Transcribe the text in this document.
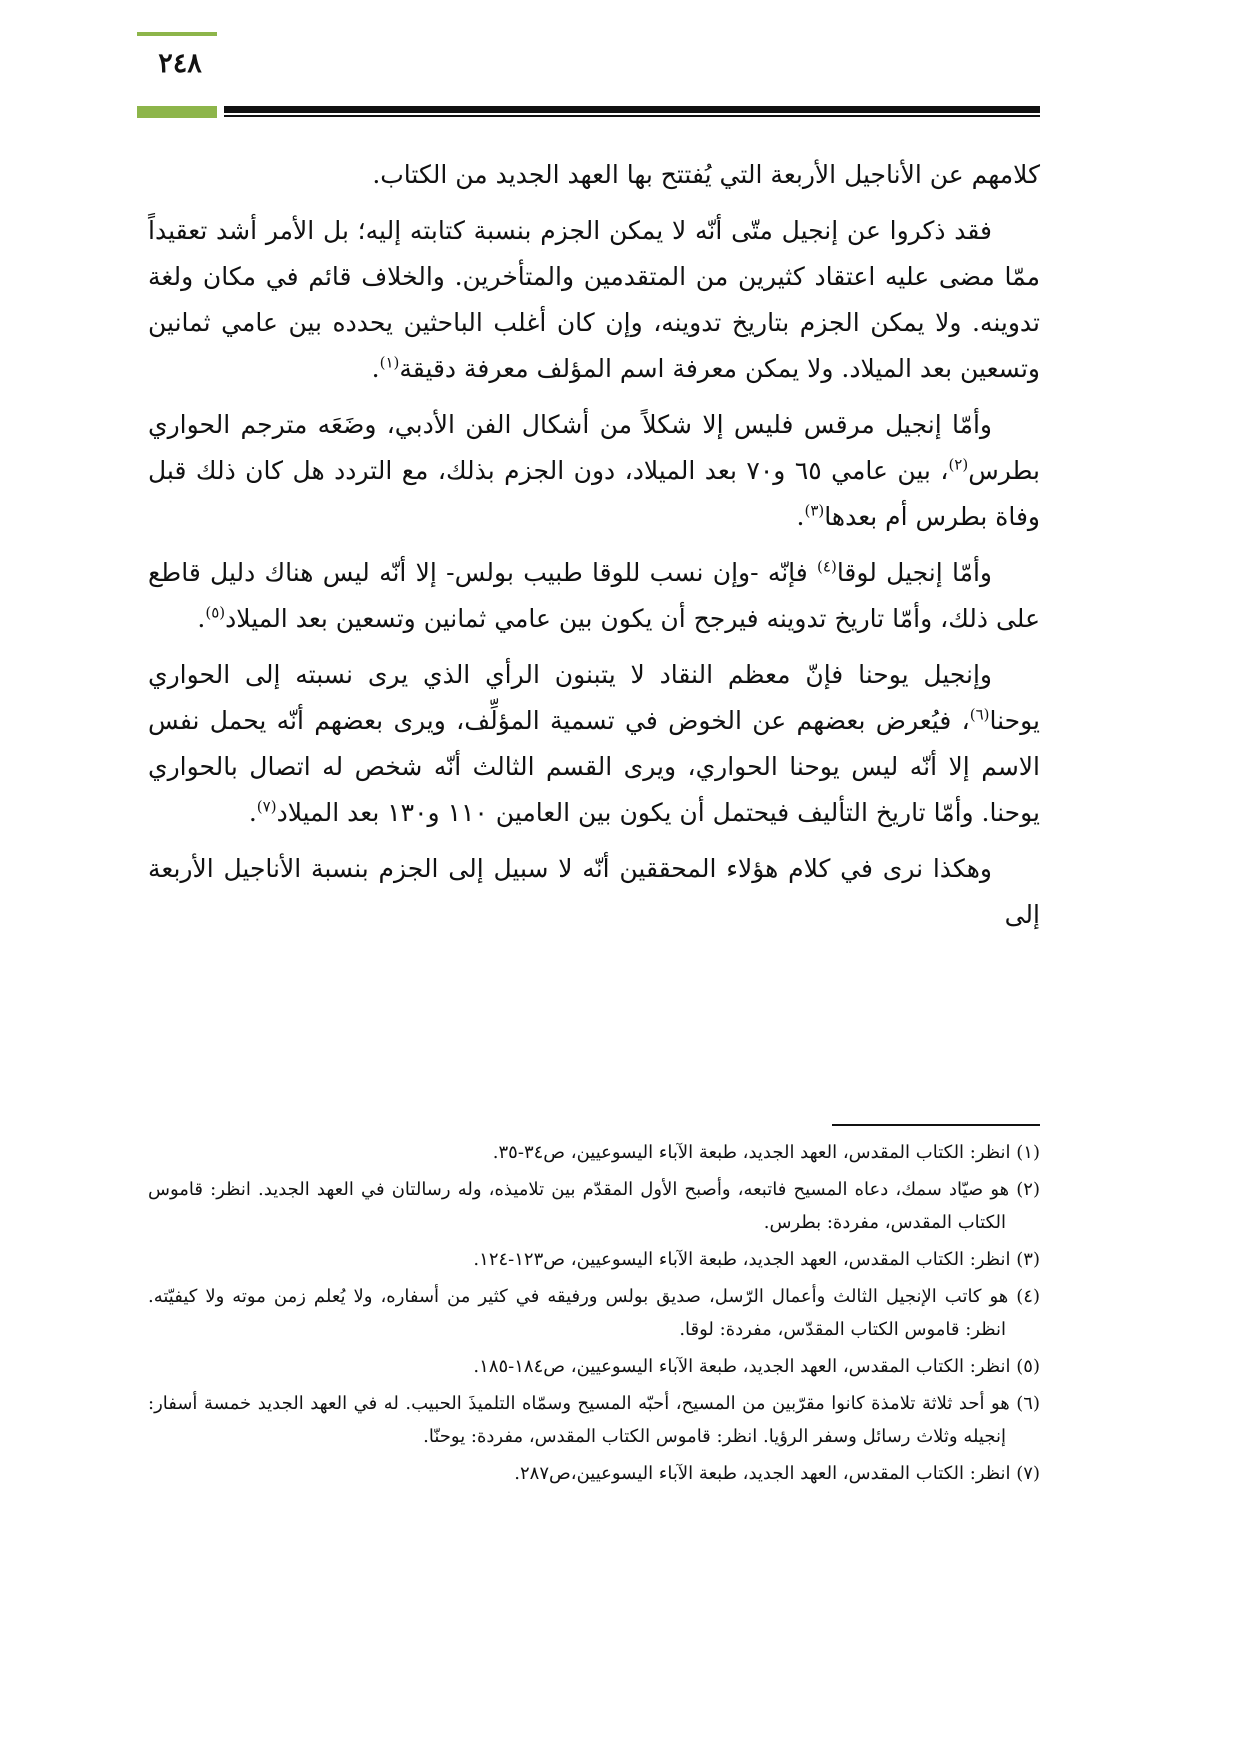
٢٤٨

كلامهم عن الأناجيل الأربعة التي يُفتتح بها العهد الجديد من الكتاب.

فقد ذكروا عن إنجيل متّى أنّه لا يمكن الجزم بنسبة كتابته إليه؛ بل الأمر أشد تعقيداً ممّا مضى عليه اعتقاد كثيرين من المتقدمين والمتأخرين. والخلاف قائم في مكان ولغة تدوينه. ولا يمكن الجزم بتاريخ تدوينه، وإن كان أغلب الباحثين يحدده بين عامي ثمانين وتسعين بعد الميلاد. ولا يمكن معرفة اسم المؤلف معرفة دقيقة$^{(١)}$.

وأمّا إنجيل مرقس فليس إلا شكلاً من أشكال الفن الأدبي، وضَعَه مترجم الحواري بطرس$^{(٢)}$، بين عامي ٦٥ و٧٠ بعد الميلاد، دون الجزم بذلك، مع التردد هل كان ذلك قبل وفاة بطرس أم بعدها$^{(٣)}$.

وأمّا إنجيل لوقا$^{(٤)}$ فإنّه -وإن نسب للوقا طبيب بولس- إلا أنّه ليس هناك دليل قاطع على ذلك، وأمّا تاريخ تدوينه فيرجح أن يكون بين عامي ثمانين وتسعين بعد الميلاد$^{(٥)}$.

وإنجيل يوحنا فإنّ معظم النقاد لا يتبنون الرأي الذي يرى نسبته إلى الحواري يوحنا$^{(٦)}$، فيُعرض بعضهم عن الخوض في تسمية المؤلِّف، ويرى بعضهم أنّه يحمل نفس الاسم إلا أنّه ليس يوحنا الحواري، ويرى القسم الثالث أنّه شخص له اتصال بالحواري يوحنا. وأمّا تاريخ التأليف فيحتمل أن يكون بين العامين ١١٠ و١٣٠ بعد الميلاد$^{(٧)}$.

وهكذا نرى في كلام هؤلاء المحققين أنّه لا سبيل إلى الجزم بنسبة الأناجيل الأربعة إلى

(١) انظر: الكتاب المقدس، العهد الجديد، طبعة الآباء اليسوعيين، ص٣٤-٣٥.
(٢) هو صيّاد سمك، دعاه المسيح فاتبعه، وأصبح الأول المقدّم بين تلاميذه، وله رسالتان في العهد الجديد. انظر: قاموس الكتاب المقدس، مفردة: بطرس.
(٣) انظر: الكتاب المقدس، العهد الجديد، طبعة الآباء اليسوعيين، ص١٢٣-١٢٤.
(٤) هو كاتب الإنجيل الثالث وأعمال الرّسل، صديق بولس ورفيقه في كثير من أسفاره، ولا يُعلم زمن موته ولا كيفيّته. انظر: قاموس الكتاب المقدّس، مفردة: لوقا.
(٥) انظر: الكتاب المقدس، العهد الجديد، طبعة الآباء اليسوعيين، ص١٨٤-١٨٥.
(٦) هو أحد ثلاثة تلامذة كانوا مقرّبين من المسيح، أحبّه المسيح وسمّاه التلميذَ الحبيب. له في العهد الجديد خمسة أسفار: إنجيله وثلاث رسائل وسفر الرؤيا. انظر: قاموس الكتاب المقدس، مفردة: يوحنّا.
(٧) انظر: الكتاب المقدس، العهد الجديد، طبعة الآباء اليسوعيين،ص٢٨٧.
